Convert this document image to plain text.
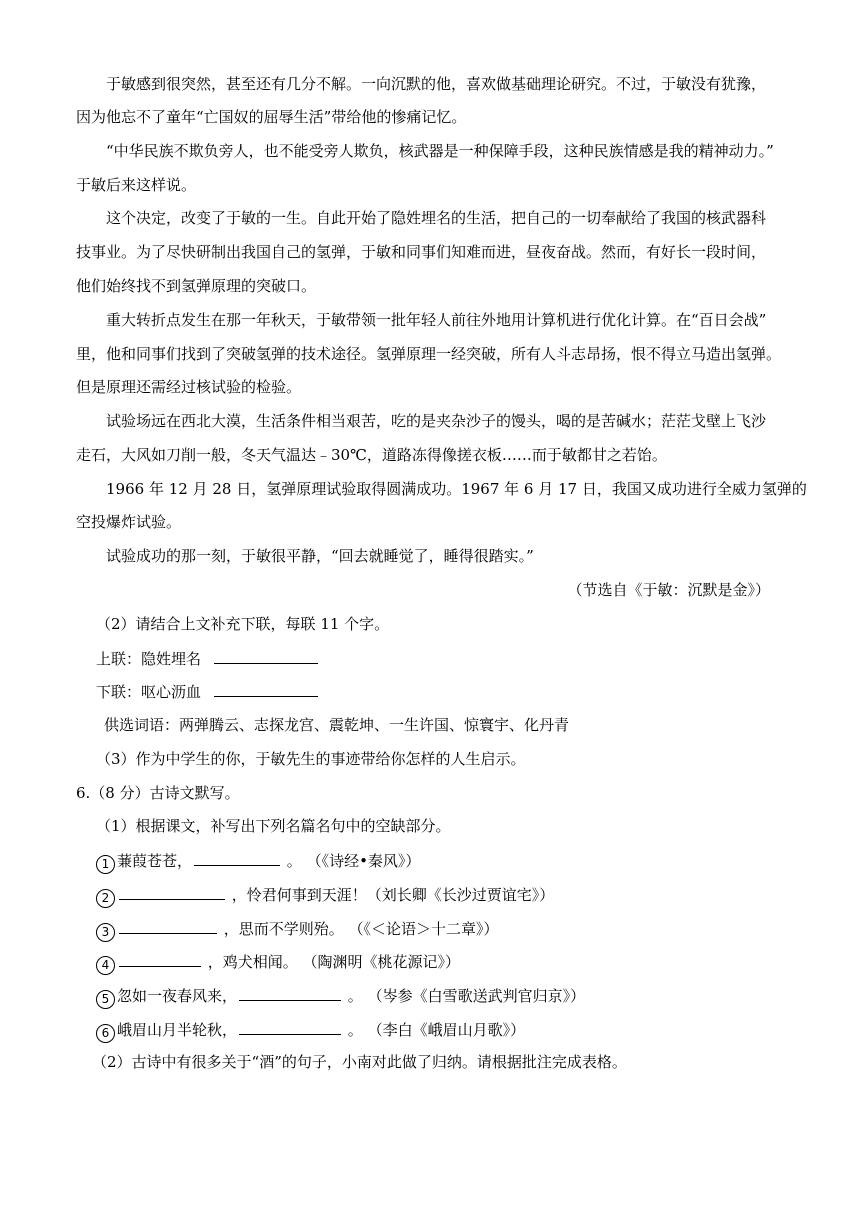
于敏感到很突然，甚至还有几分不解。一向沉默的他，喜欢做基础理论研究。不过，于敏没有犹豫，
因为他忘不了童年“亡国奴的屈辱生活”带给他的惨痛记忆。
“中华民族不欺负旁人，也不能受旁人欺负，核武器是一种保障手段，这种民族情感是我的精神动力。”
于敏后来这样说。
这个决定，改变了于敏的一生。自此开始了隐姓埋名的生活，把自己的一切奉献给了我国的核武器科
技事业。为了尽快研制出我国自己的氢弹，于敏和同事们知难而进，昼夜奋战。然而，有好长一段时间，
他们始终找不到氢弹原理的突破口。
重大转折点发生在那一年秋天，于敏带领一批年轻人前往外地用计算机进行优化计算。在“百日会战”
里，他和同事们找到了突破氢弹的技术途径。氢弹原理一经突破，所有人斗志昂扬，恨不得立马造出氢弹。
但是原理还需经过核试验的检验。
试验场远在西北大漠，生活条件相当艰苦，吃的是夹杂沙子的馒头，喝的是苦碱水；茫茫戈壁上飞沙
走石，大风如刀削一般，冬天气温达﹣30℃，道路冻得像搓衣板……而于敏都甘之若饴。
1966 年 12 月 28 日，氢弹原理试验取得圆满成功。1967 年 6 月 17 日，我国又成功进行全威力氢弹的
空投爆炸试验。
试验成功的那一刻，于敏很平静，“回去就睡觉了，睡得很踏实。”
（节选自《于敏：沉默是金》）
（2）请结合上文补充下联，每联 11 个字。
上联：隐姓埋名
下联：呕心沥血
供选词语：两弹腾云、志探龙宫、震乾坤、一生许国、惊寰宇、化丹青
（3）作为中学生的你，于敏先生的事迹带给你怎样的人生启示。
6.（8 分）古诗文默写。
（1）根据课文，补写出下列名篇名句中的空缺部分。
1 蒹葭苍苍，	。 （《诗经•秦风》）
2	，怜君何事到天涯！（刘长卿《长沙过贾谊宅》）
3	，思而不学则殆。 （《＜论语＞十二章》）
4	，鸡犬相闻。 （陶渊明《桃花源记》）
5 忽如一夜春风来，	。 （岑参《白雪歌送武判官归京》）
6 峨眉山月半轮秋，	。 （李白《峨眉山月歌》）
（2）古诗中有很多关于“酒”的句子，小南对此做了归纳。请根据批注完成表格。
